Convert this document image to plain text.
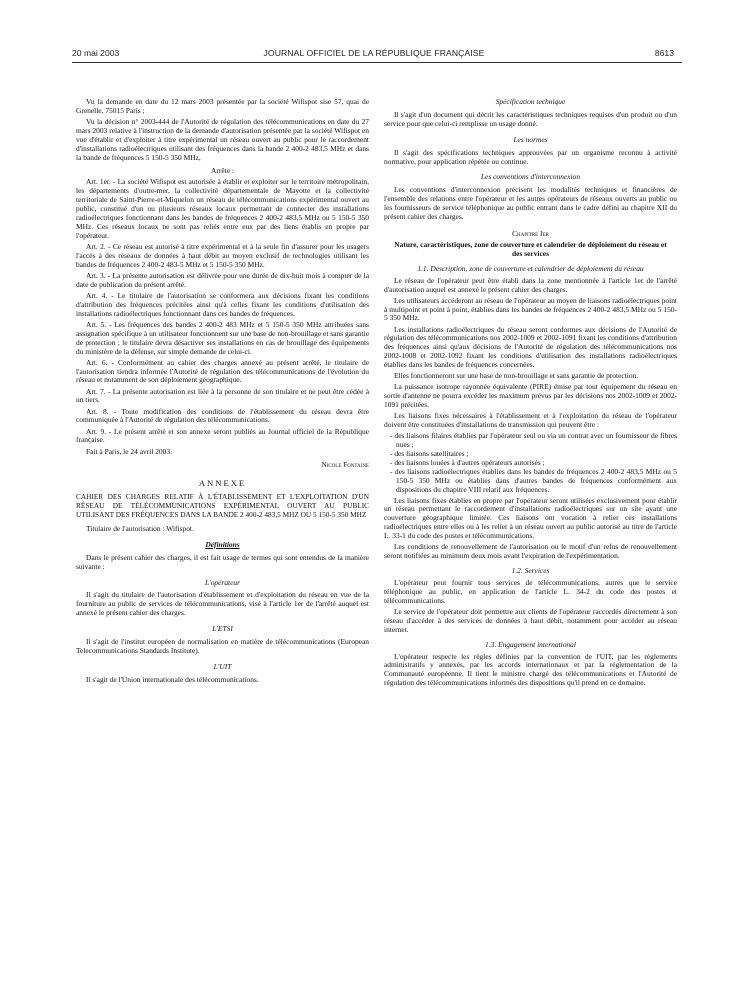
20 mai 2003	JOURNAL OFFICIEL DE LA RÉPUBLIQUE FRANÇAISE	8613

Vu la demande en date du 12 mars 2003 présentée par la société Wifispot sise 57, quai de Grenelle, 75015 Paris ;

Vu la décision n° 2003-444 de l'Autorité de régulation des télécommunications en date du 27 mars 2003 relative à l'instruction de la demande d'autorisation présentée par la société Wifispot en vue d'établir et d'exploiter à titre expérimental un réseau ouvert au public pour le raccordement d'installations radioélectriques utilisant des fréquences dans la bande 2 400-2 483,5 MHz et dans la bande de fréquences 5 150-5 350 MHz,

Arrête :

Art. 1er. - La société Wifispot est autorisée à établir et exploiter sur le territoire métropolitain, les départements d'outre-mer, la collectivité départementale de Mayotte et la collectivité territoriale de Saint-Pierre-et-Miquelon un réseau de télécommunications expérimental ouvert au public, constitué d'un ou plusieurs réseaux locaux permettant de connecter des installations radioélectriques fonctionnant dans les bandes de fréquences 2 400-2 483,5 MHz ou 5 150-5 350 MHz. Ces réseaux locaux ne sont pas reliés entre eux par des liens établis en propre par l'opérateur.

Art. 2. - Ce réseau est autorisé à titre expérimental et à la seule fin d'assurer pour les usagers l'accès à des réseaux de données à haut débit au moyen exclusif de technologies utilisant les bandes de fréquences 2 400-2 483-5 MHz et 5 150-5 350 MHz.

Art. 3. - La présente autorisation est délivrée pour une durée de dix-huit mois à compter de la date de publication du présent arrêté.

Art. 4. - Le titulaire de l'autorisation se conformera aux décisions fixant les conditions d'attribution des fréquences précitées ainsi qu'à celles fixant les conditions d'utilisation des installations radioélectriques fonctionnant dans ces bandes de fréquences.

Art. 5. - Les fréquences des bandes 2 400-2 483 MHz et 5 150-5 350 MHz attribuées sans assignation spécifique à un utilisateur fonctionnent sur une base de non-brouillage et sans garantie de protection ; le titulaire devra désactiver ses installations en cas de brouillage des équipements du ministère de la défense, sur simple demande de celui-ci.

Art. 6. - Conformément au cahier des charges annexé au présent arrêté, le titulaire de l'autorisation tiendra informée l'Autorité de régulation des télécommunications de l'évolution du réseau et notamment de son déploiement géographique.

Art. 7. - La présente autorisation est liée à la personne de son titulaire et ne peut être cédée à un tiers.

Art. 8. - Toute modification des conditions de l'établissement du réseau devra être communiquée à l'Autorité de régulation des télécommunications.

Art. 9. - Le présent arrêté et son annexe seront publiés au Journal officiel de la République française.

Fait à Paris, le 24 avril 2003.

Nicole Fontaine

ANNEXE

CAHIER DES CHARGES RELATIF À L'ÉTABLISSEMENT ET L'EXPLOITATION D'UN RÉSEAU DE TÉLÉCOMMUNICATIONS EXPÉRIMENTAL OUVERT AU PUBLIC UTILISANT DES FRÉQUENCES DANS LA BANDE 2 400-2 483,5 MHZ OU 5 150-5 350 MHZ

Titulaire de l'autorisation : Wifispot.

Définitions

Dans le présent cahier des charges, il est fait usage de termes qui sont entendus de la manière suivante :

L'opérateur

Il s'agit du titulaire de l'autorisation d'établissement et d'exploitation du réseau en vue de la fourniture au public de services de télécommunications, visé à l'article 1er de l'arrêté auquel est annexé le présent cahier des charges.

L'ETSI

Il s'agit de l'institut européen de normalisation en matière de télécommunications (European Telecommunications Standards Institute).

L'UIT

Il s'agit de l'Union internationale des télécommunications.

Spécification technique

Il s'agit d'un document qui décrit les caractéristiques techniques requises d'un produit ou d'un service pour que celui-ci remplisse un usage donné.

Les normes

Il s'agit des spécifications techniques approuvées par un organisme reconnu à activité normative, pour application répétée ou continue.

Les conventions d'interconnexion

Les conventions d'interconnexion précisent les modalités techniques et financières de l'ensemble des relations entre l'opérateur et les autres opérateurs de réseaux ouverts au public ou les fournisseurs de service téléphonique au public entrant dans le cadre défini au chapitre XII du présent cahier des charges.

Chapitre Ier

Nature, caractéristiques, zone de couverture et calendrier de déploiement du réseau et des services

1.1. Description, zone de couverture et calendrier de déploiement du réseau

Le réseau de l'opérateur peut être établi dans la zone mentionnée à l'article 1er de l'arrêté d'autorisation auquel est annexé le présent cahier des charges.

Les utilisateurs accéderont au réseau de l'opérateur au moyen de liaisons radioélectriques point à multipoint et point à point, établies dans les bandes de fréquences 2 400-2 483,5 MHz ou 5 150-5 350 MHz.

Les installations radioélectriques du réseau seront conformes aux décisions de l'Autorité de régulation des télécommunications nos 2002-1009 et 2002-1091 fixant les conditions d'attribution des fréquences ainsi qu'aux décisions de l'Autorité de régulation des télécommunications nos 2002-1008 et 2002-1092 fixant les conditions d'utilisation des installations radioélectriques établies dans les bandes de fréquences concernées.

Elles fonctionneront sur une base de non-brouillage et sans garantie de protection.

La puissance isotrope rayonnée équivalente (PIRE) émise par tout équipement du réseau en sortie d'antenne ne pourra excéder les maximum prévus par les décisions nos 2002-1009 et 2002-1091 précitées.

Les liaisons fixes nécessaires à l'établissement et à l'exploitation du réseau de l'opérateur doivent être constituées d'installations de transmission qui peuvent être :

- des liaisons filaires établies par l'opérateur seul ou via un contrat avec un fournisseur de fibres nues ;
- des liaisons satellitaires ;
- des liaisons louées à d'autres opérateurs autorisés ;
- des liaisons radioélectriques établies dans les bandes de fréquences 2 400-2 483,5 MHz ou 5 150-5 350 MHz ou établies dans d'autres bandes de fréquences conformément aux dispositions du chapitre VIII relatif aux fréquences.

Les liaisons fixes établies en propre par l'opérateur seront utilisées exclusivement pour établir un réseau permettant le raccordement d'installations radioélectriques sur un site ayant une couverture géographique limitée. Ces liaisons ont vocation à relier ces installations radioélectriques entre elles ou à les relier à un réseau ouvert au public autorisé au titre de l'article L. 33-1 du code des postes et télécommunications.

Les conditions de renouvellement de l'autorisation ou le motif d'un refus de renouvellement seront notifiées au minimum deux mois avant l'expiration de l'expérimentation.

1.2. Services

L'opérateur peut fournir tous services de télécommunications, autres que le service téléphonique au public, en application de l'article L. 34-2 du code des postes et télécommunications.

Le service de l'opérateur doit permettre aux clients de l'opérateur raccordés directement à son réseau d'accéder à des services de données à haut débit, notamment pour accéder au réseau internet.

1.3. Engagement international

L'opérateur respecte les règles définies par la convention de l'UIT, par les règlements administratifs y annexés, par les accords internationaux et par la réglementation de la Communauté européenne. Il tient le ministre chargé des télécommunications et l'Autorité de régulation des télécommunications informés des dispositions qu'il prend en ce domaine.
